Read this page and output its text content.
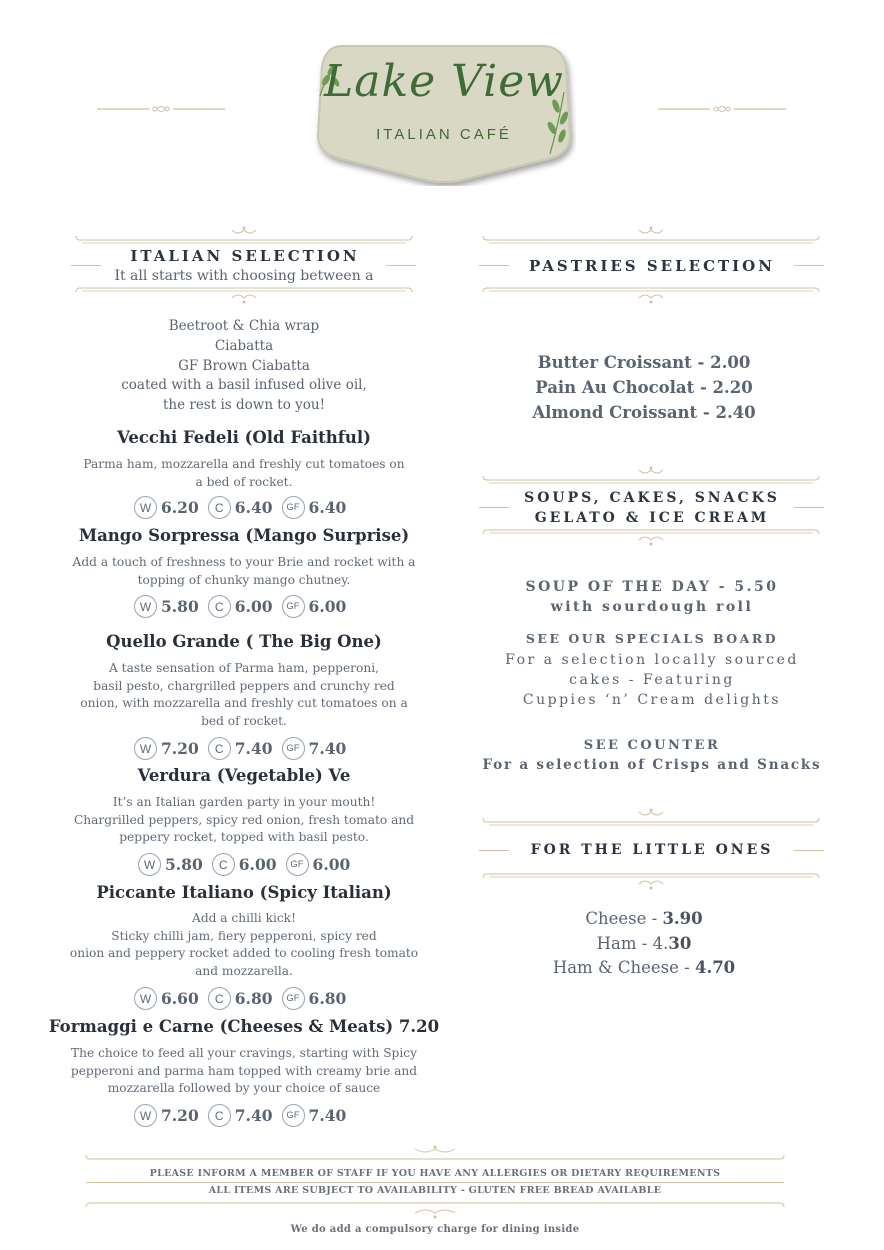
Lake View
ITALIAN CAFÉ
ITALIAN SELECTION
It all starts with choosing between a
Beetroot & Chia wrap
Ciabatta
GF Brown Ciabatta
coated with a basil infused olive oil,
the rest is down to you!
Vecchi Fedeli (Old Faithful)
Parma ham, mozzarella and freshly cut tomatoes on
a bed of rocket.
W 6.20	C 6.40	GF 6.40
Mango Sorpressa (Mango Surprise)
Add a touch of freshness to your Brie and rocket with a
topping of chunky mango chutney.
W 5.80	C 6.00	GF 6.00
Quello Grande ( The Big One)
A taste sensation of Parma ham, pepperoni,
basil pesto, chargrilled peppers and crunchy red
onion, with mozzarella and freshly cut tomatoes on a
bed of rocket.
W 7.20	C 7.40	GF 7.40
Verdura (Vegetable) Ve
It’s an Italian garden party in your mouth!
Chargrilled peppers, spicy red onion, fresh tomato and
peppery rocket, topped with basil pesto.
W 5.80	C 6.00	GF 6.00
Piccante Italiano (Spicy Italian)
Add a chilli kick!
Sticky chilli jam, fiery pepperoni, spicy red
onion and peppery rocket added to cooling fresh tomato
and mozzarella.
W 6.60	C 6.80	GF 6.80
Formaggi e Carne (Cheeses & Meats) 7.20
The choice to feed all your cravings, starting with Spicy
pepperoni and parma ham topped with creamy brie and
mozzarella followed by your choice of sauce
W 7.20	C 7.40	GF 7.40
PASTRIES SELECTION
Butter Croissant - 2.00
Pain Au Chocolat - 2.20
Almond Croissant - 2.40
SOUPS, CAKES, SNACKS
GELATO & ICE CREAM
SOUP OF THE DAY - 5.50
with sourdough roll
SEE OUR SPECIALS BOARD
For a selection locally sourced
cakes - Featuring
Cuppies ‘n’ Cream delights
SEE COUNTER
For a selection of Crisps and Snacks
FOR THE LITTLE ONES
Cheese - 3.90
Ham - 4.30
Ham & Cheese - 4.70
PLEASE INFORM A MEMBER OF STAFF IF YOU HAVE ANY ALLERGIES OR DIETARY REQUIREMENTS
ALL ITEMS ARE SUBJECT TO AVAILABILITY - GLUTEN FREE BREAD AVAILABLE
We do add a compulsory charge for dining inside
